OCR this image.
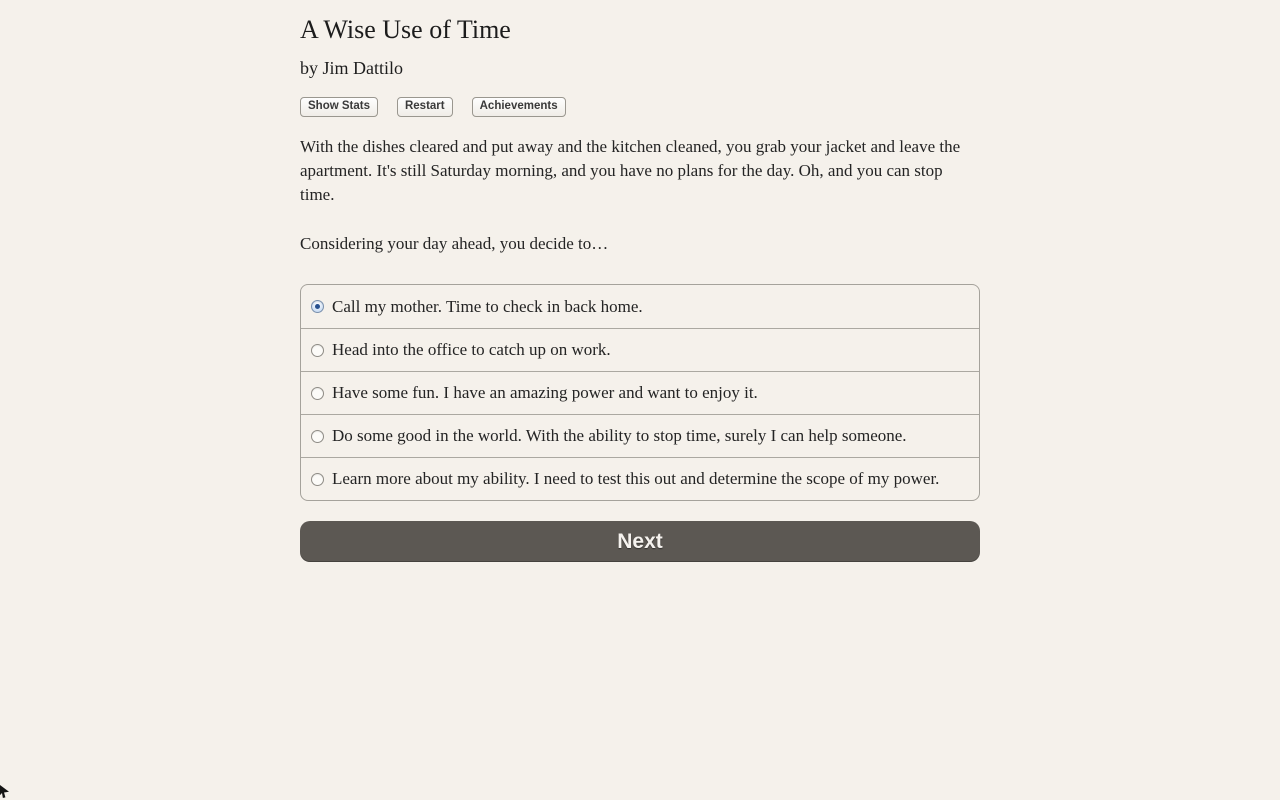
A Wise Use of Time
by Jim Dattilo
Show Stats	Restart	Achievements

With the dishes cleared and put away and the kitchen cleaned, you grab your jacket and leave the apartment. It's still Saturday morning, and you have no plans for the day. Oh, and you can stop time.

Considering your day ahead, you decide to…

Call my mother. Time to check in back home.
Head into the office to catch up on work.
Have some fun. I have an amazing power and want to enjoy it.
Do some good in the world. With the ability to stop time, surely I can help someone.
Learn more about my ability. I need to test this out and determine the scope of my power.
Next
